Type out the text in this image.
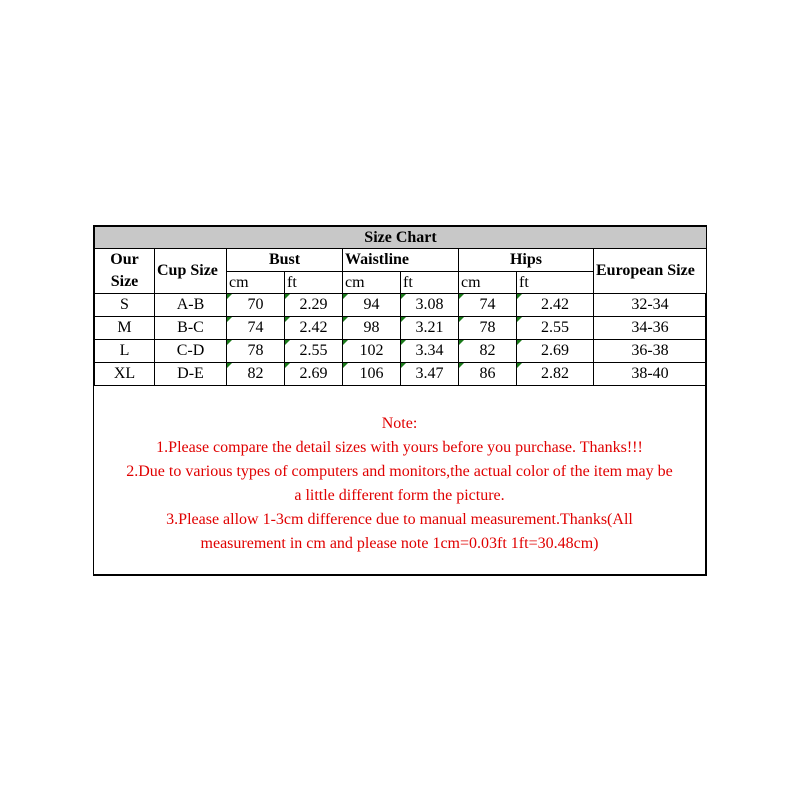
Size Chart								
Our
Size	Cup Size	Bust		Waistline		Hips		European Size
		cm	ft	cm	ft	cm	ft	
S	A-B	70	2.29	94	3.08	74	2.42	32-34
M	B-C	74	2.42	98	3.21	78	2.55	34-36
L	C-D	78	2.55	102	3.34	82	2.69	36-38
XL	D-E	82	2.69	106	3.47	86	2.82	38-40
Note:
1.Please compare the detail sizes with yours before you purchase. Thanks!!!
2.Due to various types of computers and monitors,the actual color of the item may be
a little different form the picture.
3.Please allow 1-3cm difference due to manual measurement.Thanks(All
measurement in cm and please note 1cm=0.03ft 1ft=30.48cm)
